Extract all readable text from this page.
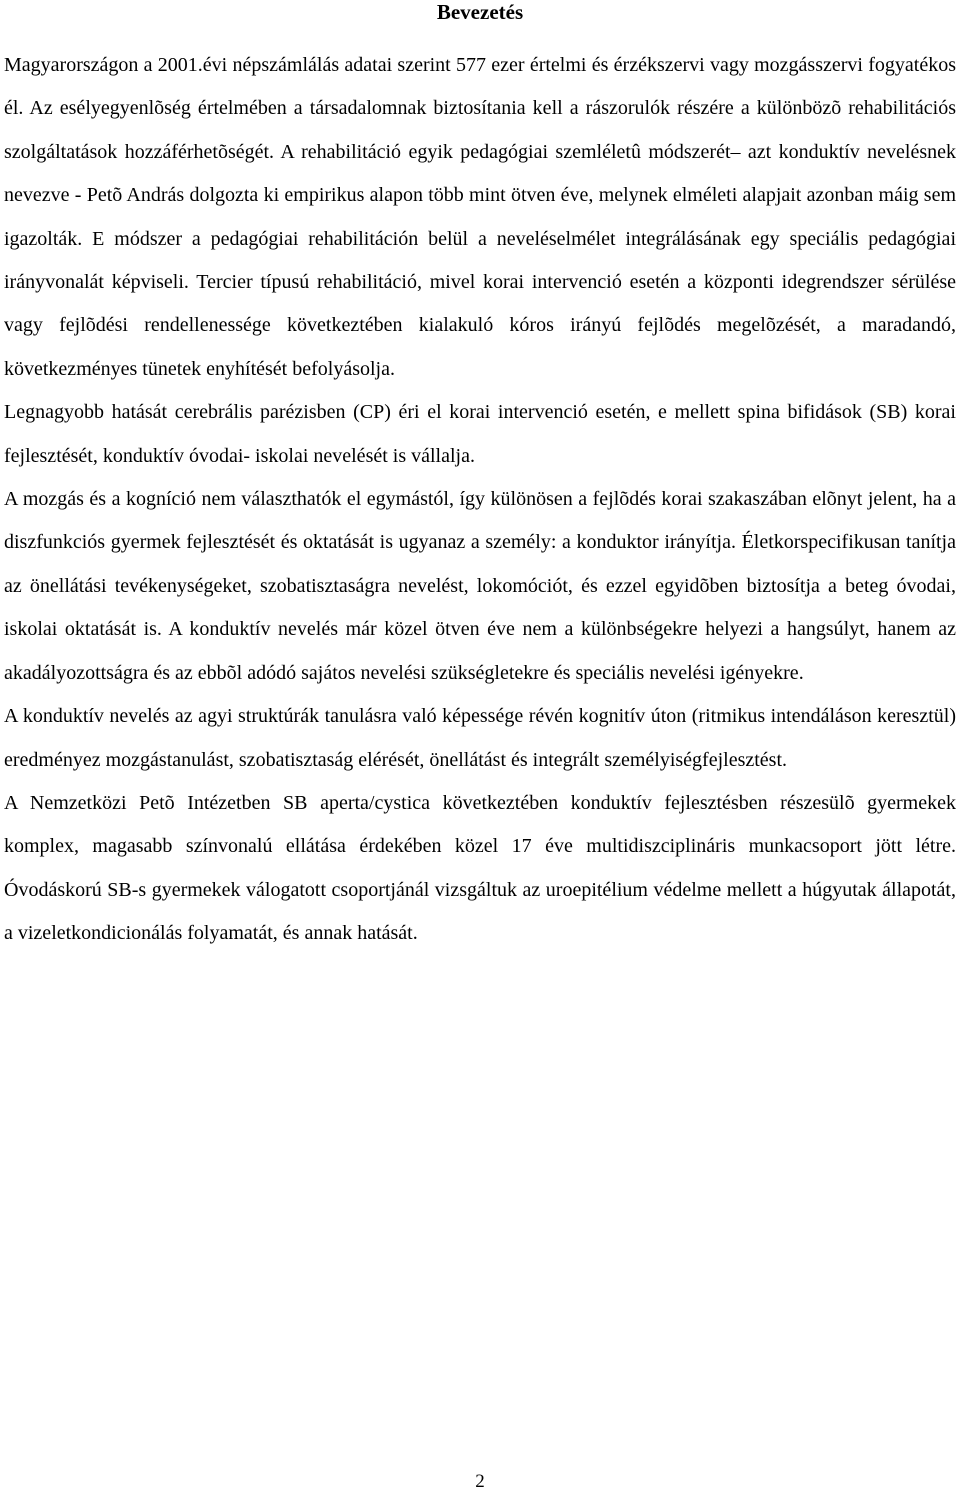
Bevezetés

Magyarországon a 2001.évi népszámlálás adatai szerint 577 ezer értelmi és érzékszervi vagy mozgásszervi fogyatékos él. Az esélyegyenlõség értelmében a társadalomnak biztosítania kell a rászorulók részére a különbözõ rehabilitációs szolgáltatások hozzáférhetõségét. A rehabilitáció egyik pedagógiai szemléletû módszerét– azt konduktív nevelésnek nevezve - Petõ András dolgozta ki empirikus alapon több mint ötven éve, melynek elméleti alapjait azonban máig sem igazolták. E módszer a pedagógiai rehabilitáción belül a neveléselmélet integrálásának egy speciális pedagógiai irányvonalát képviseli. Tercier típusú rehabilitáció, mivel korai intervenció esetén a központi idegrendszer sérülése vagy fejlõdési rendellenessége következtében kialakuló kóros irányú fejlõdés megelõzését, a maradandó, következményes tünetek enyhítését befolyásolja.

Legnagyobb hatását cerebrális parézisben (CP) éri el korai intervenció esetén, e mellett spina bifidások (SB) korai fejlesztését, konduktív óvodai- iskolai nevelését is vállalja.

A mozgás és a kogníció nem választhatók el egymástól, így különösen a fejlõdés korai szakaszában elõnyt jelent, ha a diszfunkciós gyermek fejlesztését és oktatását is ugyanaz a személy: a konduktor irányítja. Életkorspecifikusan tanítja az önellátási tevékenységeket, szobatisztaságra nevelést, lokomóciót, és ezzel egyidõben biztosítja a beteg óvodai, iskolai oktatását is. A konduktív nevelés már közel ötven éve nem a különbségekre helyezi a hangsúlyt, hanem az akadályozottságra és az ebbõl adódó sajátos nevelési szükségletekre és speciális nevelési igényekre.

A konduktív nevelés az agyi struktúrák tanulásra való képessége révén kognitív úton (ritmikus intendáláson keresztül) eredményez mozgástanulást, szobatisztaság elérését, önellátást és integrált személyiségfejlesztést.

A Nemzetközi Petõ Intézetben SB aperta/cystica következtében konduktív fejlesztésben részesülõ gyermekek komplex, magasabb színvonalú ellátása érdekében közel 17 éve multidiszciplináris munkacsoport jött létre. Óvodáskorú SB-s gyermekek válogatott csoportjánál vizsgáltuk az uroepitélium védelme mellett a húgyutak állapotát, a vizeletkondicionálás folyamatát, és annak hatását.

2
